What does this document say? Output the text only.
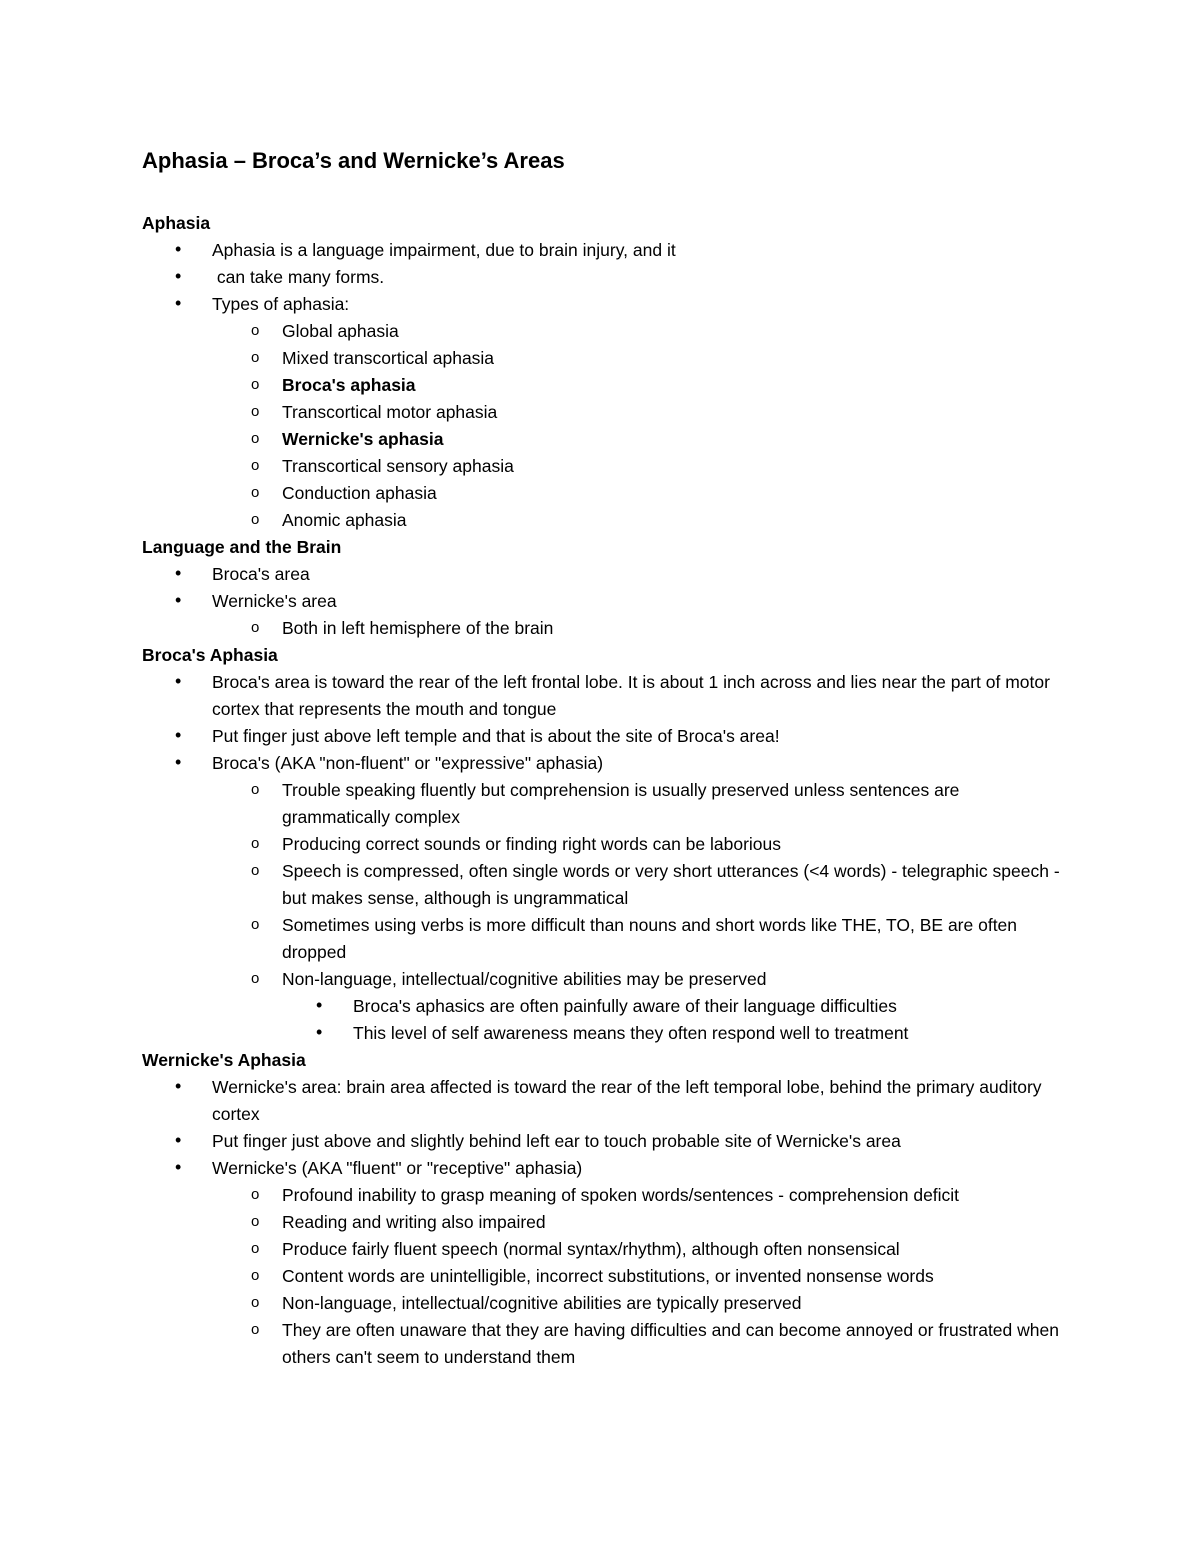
Aphasia – Broca’s and Wernicke’s Areas

Aphasia

• Aphasia is a language impairment, due to brain injury, and it
• can take many forms.
• Types of aphasia:
o Global aphasia
o Mixed transcortical aphasia
o Broca's aphasia
o Transcortical motor aphasia
o Wernicke's aphasia
o Transcortical sensory aphasia
o Conduction aphasia
o Anomic aphasia

Language and the Brain

• Broca's area
• Wernicke's area
o Both in left hemisphere of the brain

Broca's Aphasia

• Broca's area is toward the rear of the left frontal lobe. It is about 1 inch across and lies near the part of motor cortex that represents the mouth and tongue
• Put finger just above left temple and that is about the site of Broca's area!
• Broca's (AKA "non-fluent" or "expressive" aphasia)
o Trouble speaking fluently but comprehension is usually preserved unless sentences are grammatically complex
o Producing correct sounds or finding right words can be laborious
o Speech is compressed, often single words or very short utterances (<4 words) - telegraphic speech - but makes sense, although is ungrammatical
o Sometimes using verbs is more difficult than nouns and short words like THE, TO, BE are often dropped
o Non-language, intellectual/cognitive abilities may be preserved
• Broca's aphasics are often painfully aware of their language difficulties
• This level of self awareness means they often respond well to treatment

Wernicke's Aphasia

• Wernicke's area: brain area affected is toward the rear of the left temporal lobe, behind the primary auditory cortex
• Put finger just above and slightly behind left ear to touch probable site of Wernicke's area
• Wernicke's (AKA "fluent" or "receptive" aphasia)
o Profound inability to grasp meaning of spoken words/sentences - comprehension deficit
o Reading and writing also impaired
o Produce fairly fluent speech (normal syntax/rhythm), although often nonsensical
o Content words are unintelligible, incorrect substitutions, or invented nonsense words
o Non-language, intellectual/cognitive abilities are typically preserved
o They are often unaware that they are having difficulties and can become annoyed or frustrated when others can't seem to understand them
